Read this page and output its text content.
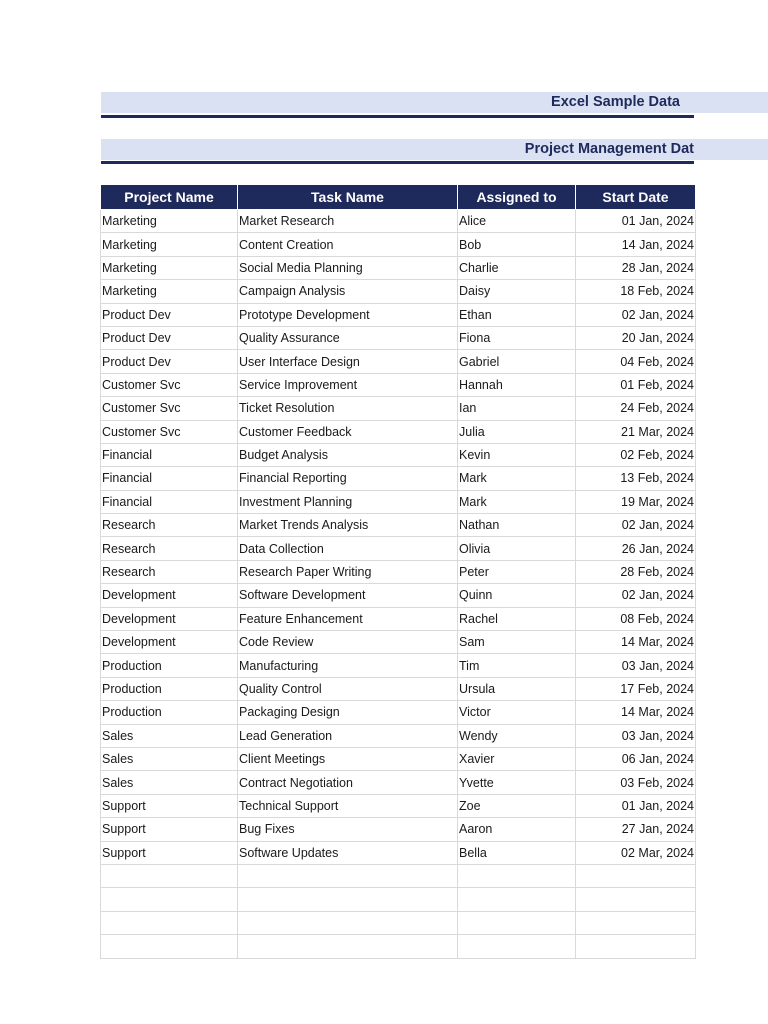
Excel Sample Data
Project Management Dat
Project Name	Task Name	Assigned to	Start Date
Marketing	Market Research	Alice	01 Jan, 2024
Marketing	Content Creation	Bob	14 Jan, 2024
Marketing	Social Media Planning	Charlie	28 Jan, 2024
Marketing	Campaign Analysis	Daisy	18 Feb, 2024
Product Dev	Prototype Development	Ethan	02 Jan, 2024
Product Dev	Quality Assurance	Fiona	20 Jan, 2024
Product Dev	User Interface Design	Gabriel	04 Feb, 2024
Customer Svc	Service Improvement	Hannah	01 Feb, 2024
Customer Svc	Ticket Resolution	Ian	24 Feb, 2024
Customer Svc	Customer Feedback	Julia	21 Mar, 2024
Financial	Budget Analysis	Kevin	02 Feb, 2024
Financial	Financial Reporting	Mark	13 Feb, 2024
Financial	Investment Planning	Mark	19 Mar, 2024
Research	Market Trends Analysis	Nathan	02 Jan, 2024
Research	Data Collection	Olivia	26 Jan, 2024
Research	Research Paper Writing	Peter	28 Feb, 2024
Development	Software Development	Quinn	02 Jan, 2024
Development	Feature Enhancement	Rachel	08 Feb, 2024
Development	Code Review	Sam	14 Mar, 2024
Production	Manufacturing	Tim	03 Jan, 2024
Production	Quality Control	Ursula	17 Feb, 2024
Production	Packaging Design	Victor	14 Mar, 2024
Sales	Lead Generation	Wendy	03 Jan, 2024
Sales	Client Meetings	Xavier	06 Jan, 2024
Sales	Contract Negotiation	Yvette	03 Feb, 2024
Support	Technical Support	Zoe	01 Jan, 2024
Support	Bug Fixes	Aaron	27 Jan, 2024
Support	Software Updates	Bella	02 Mar, 2024
